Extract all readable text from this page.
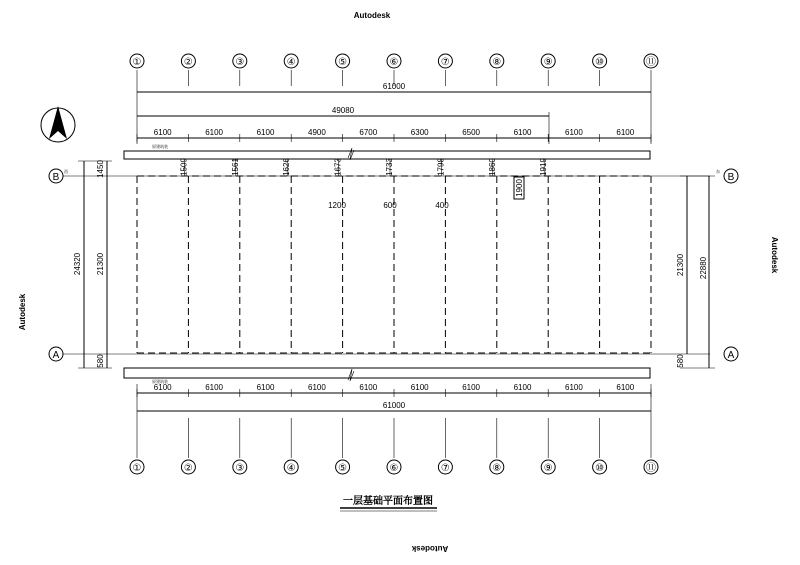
Autodesk
Autodesk
Autodesk
Autodesk
61000
49080
原建筑装
原建筑装
61000
24320 21300
1450
580
21300 22880
580
B
A
B
A
西	东
1200	600	400
1900
一层基础平面布置图
①
①
②
②
③
③
④
④
⑤
⑤
⑥
⑥
⑦
⑦
⑧
⑧
⑨
⑨
⑩
⑩
⑪
⑪
6100
6100
6100
6100
6100
6100
4900
6100
6700
6100
6300
6100
6500
6100
6100
6100
6100
6100
6100
6100
1509	1561	1626	1673	1733	1798	1860	1919
